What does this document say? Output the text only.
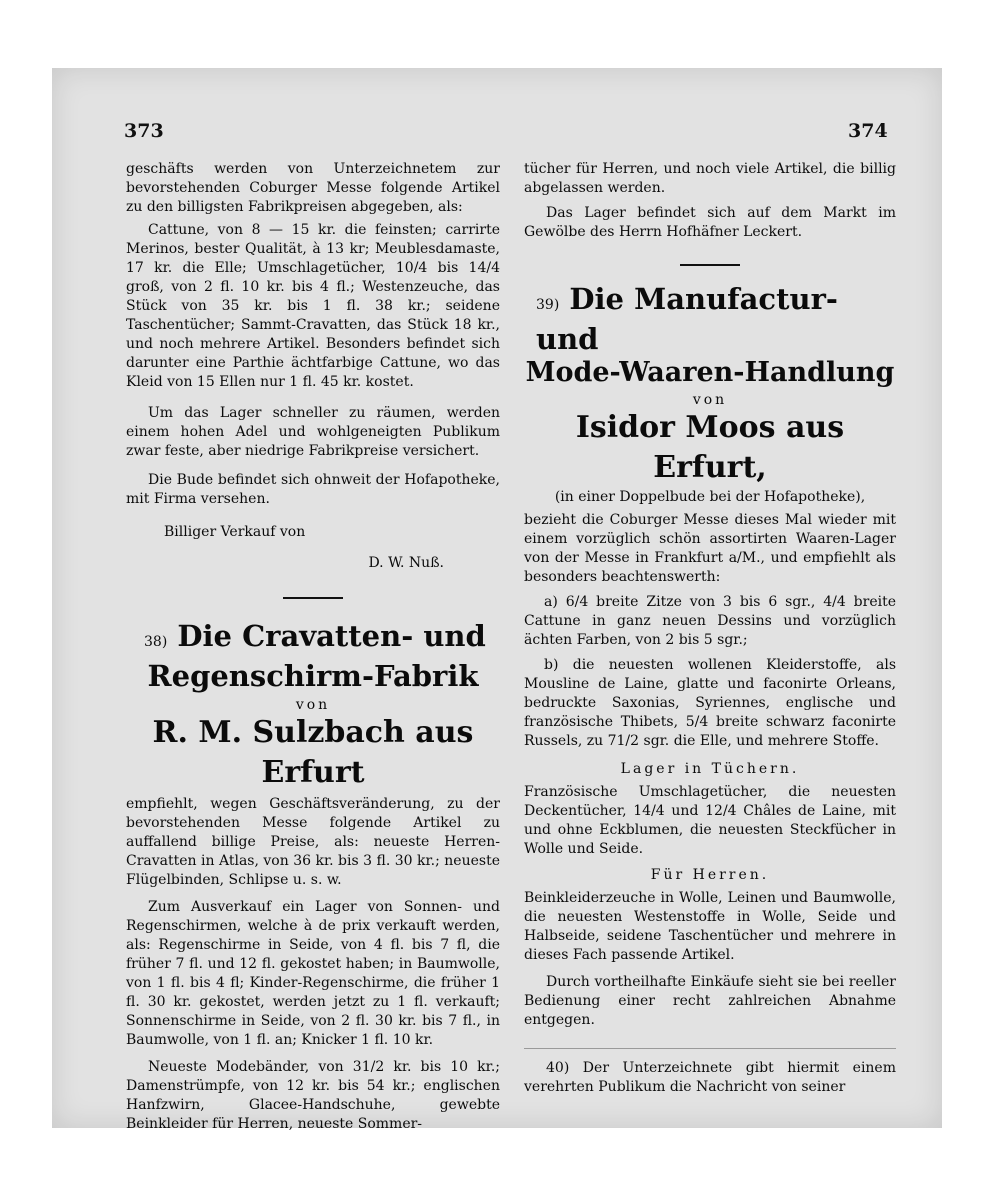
373	374

geschäfts werden von Unterzeichnetem zur bevorstehenden Coburger Messe folgende Artikel zu den billigsten Fabrikpreisen abgegeben, als:

Cattune, von 8 — 15 kr. die feinsten; carrirte Merinos, bester Qualität, à 13 kr; Meublesdamaste, 17 kr. die Elle; Umschlagetücher, 10/4 bis 14/4 groß, von 2 fl. 10 kr. bis 4 fl.; Westenzeuche, das Stück von 35 kr. bis 1 fl. 38 kr.; seidene Taschentücher; Sammt-Cravatten, das Stück 18 kr., und noch mehrere Artikel. Besonders befindet sich darunter eine Parthie ächtfarbige Cattune, wo das Kleid von 15 Ellen nur 1 fl. 45 kr. kostet.

Um das Lager schneller zu räumen, werden einem hohen Adel und wohlgeneigten Publikum zwar feste, aber niedrige Fabrikpreise versichert.

Die Bude befindet sich ohnweit der Hofapotheke, mit Firma versehen.

Billiger Verkauf von

D. W. Nuß.

38) Die Cravatten- und

Regenschirm-Fabrik

von

R. M. Sulzbach aus Erfurt

empfiehlt, wegen Geschäftsveränderung, zu der bevorstehenden Messe folgende Artikel zu auffallend billige Preise, als: neueste Herren-Cravatten in Atlas, von 36 kr. bis 3 fl. 30 kr.; neueste Flügelbinden, Schlipse u. s. w.

Zum Ausverkauf ein Lager von Sonnen- und Regenschirmen, welche à de prix verkauft werden, als: Regenschirme in Seide, von 4 fl. bis 7 fl, die früher 7 fl. und 12 fl. gekostet haben; in Baumwolle, von 1 fl. bis 4 fl; Kinder-Regenschirme, die früher 1 fl. 30 kr. gekostet, werden jetzt zu 1 fl. verkauft; Sonnenschirme in Seide, von 2 fl. 30 kr. bis 7 fl., in Baumwolle, von 1 fl. an; Knicker 1 fl. 10 kr.

Neueste Modebänder, von 31/2 kr. bis 10 kr.; Damenstrümpfe, von 12 kr. bis 54 kr.; englischen Hanfzwirn, Glacee-Handschuhe, gewebte Beinkleider für Herren, neueste Sommer-

tücher für Herren, und noch viele Artikel, die billig abgelassen werden.

Das Lager befindet sich auf dem Markt im Gewölbe des Herrn Hofhäfner Leckert.

39) Die Manufactur- und

Mode-Waaren-Handlung

von

Isidor Moos aus Erfurt,

(in einer Doppelbude bei der Hofapotheke),

bezieht die Coburger Messe dieses Mal wieder mit einem vorzüglich schön assortirten Waaren-Lager von der Messe in Frankfurt a/M., und empfiehlt als besonders beachtenswerth:

a) 6/4 breite Zitze von 3 bis 6 sgr., 4/4 breite Cattune in ganz neuen Dessins und vorzüglich ächten Farben, von 2 bis 5 sgr.;

b) die neuesten wollenen Kleiderstoffe, als Mousline de Laine, glatte und faconirte Orleans, bedruckte Saxonias, Syriennes, englische und französische Thibets, 5/4 breite schwarz faconirte Russels, zu 71/2 sgr. die Elle, und mehrere Stoffe.

Lager in Tüchern.

Französische Umschlagetücher, die neuesten Deckentücher, 14/4 und 12/4 Châles de Laine, mit und ohne Eckblumen, die neuesten Steckfücher in Wolle und Seide.

Für Herren.

Beinkleiderzeuche in Wolle, Leinen und Baumwolle, die neuesten Westenstoffe in Wolle, Seide und Halbseide, seidene Taschentücher und mehrere in dieses Fach passende Artikel.

Durch vortheilhafte Einkäufe sieht sie bei reeller Bedienung einer recht zahlreichen Abnahme entgegen.

40) Der Unterzeichnete gibt hiermit einem verehrten Publikum die Nachricht von seiner
